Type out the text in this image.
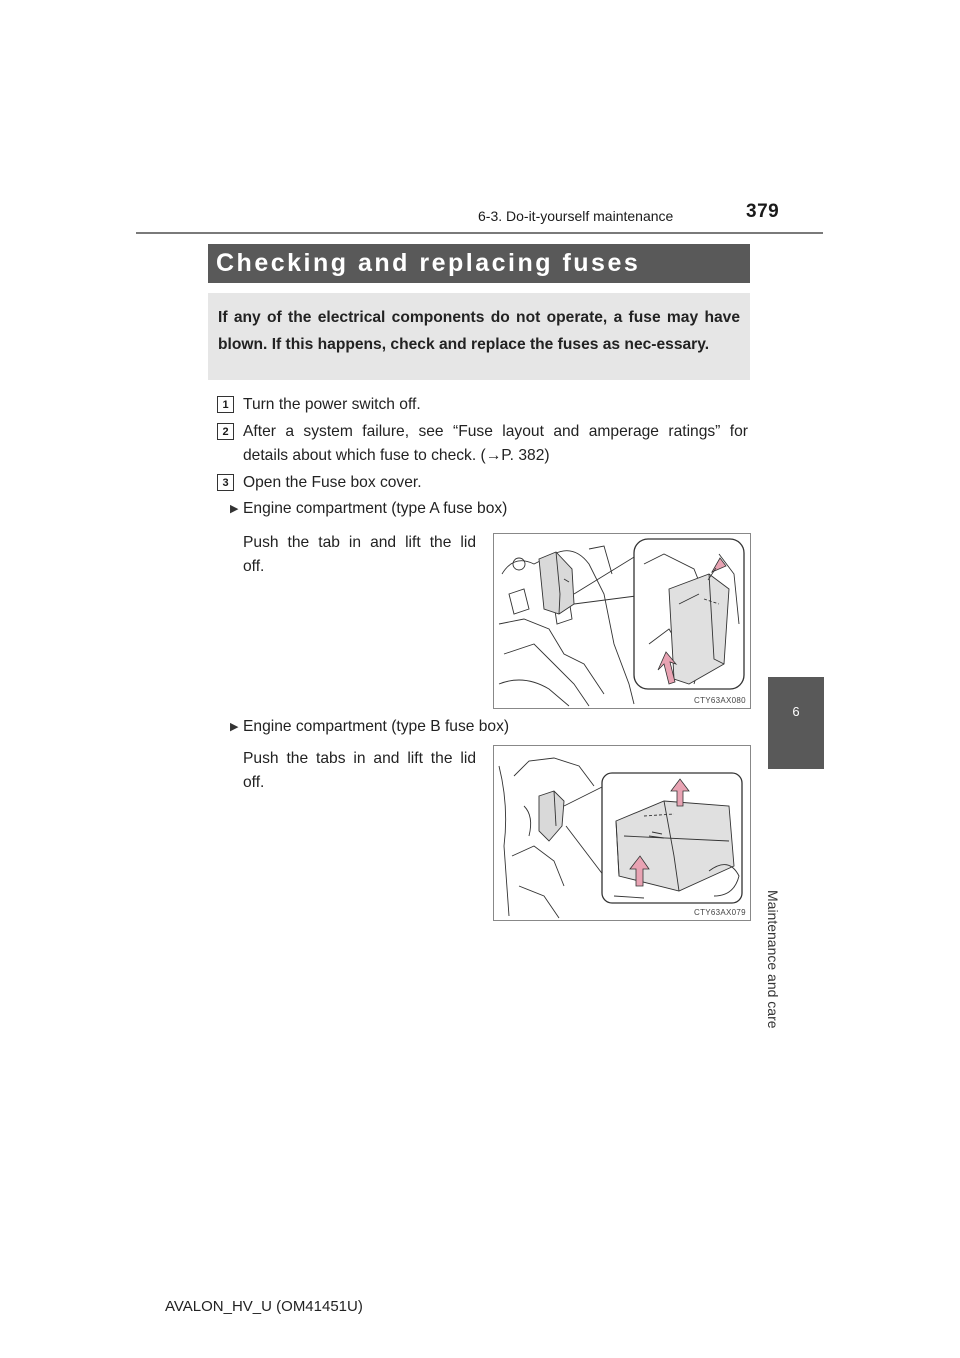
6-3. Do-it-yourself maintenance	379
6
Maintenance and care
Checking and replacing fuses
If any of the electrical components do not operate, a fuse may have blown. If this happens, check and replace the fuses as nec-essary.
1 Turn the power switch off.
2 After a system failure, see “Fuse layout and amperage ratings” for
details about which fuse to check. (→P. 382)
3 Open the Fuse box cover.
▶ Engine compartment (type A fuse box)
Push the tab in and lift the lid
off.
CTY63AX080
▶ Engine compartment (type B fuse box)
Push the tabs in and lift the lid
off.
CTY63AX079
AVALON_HV_U (OM41451U)
